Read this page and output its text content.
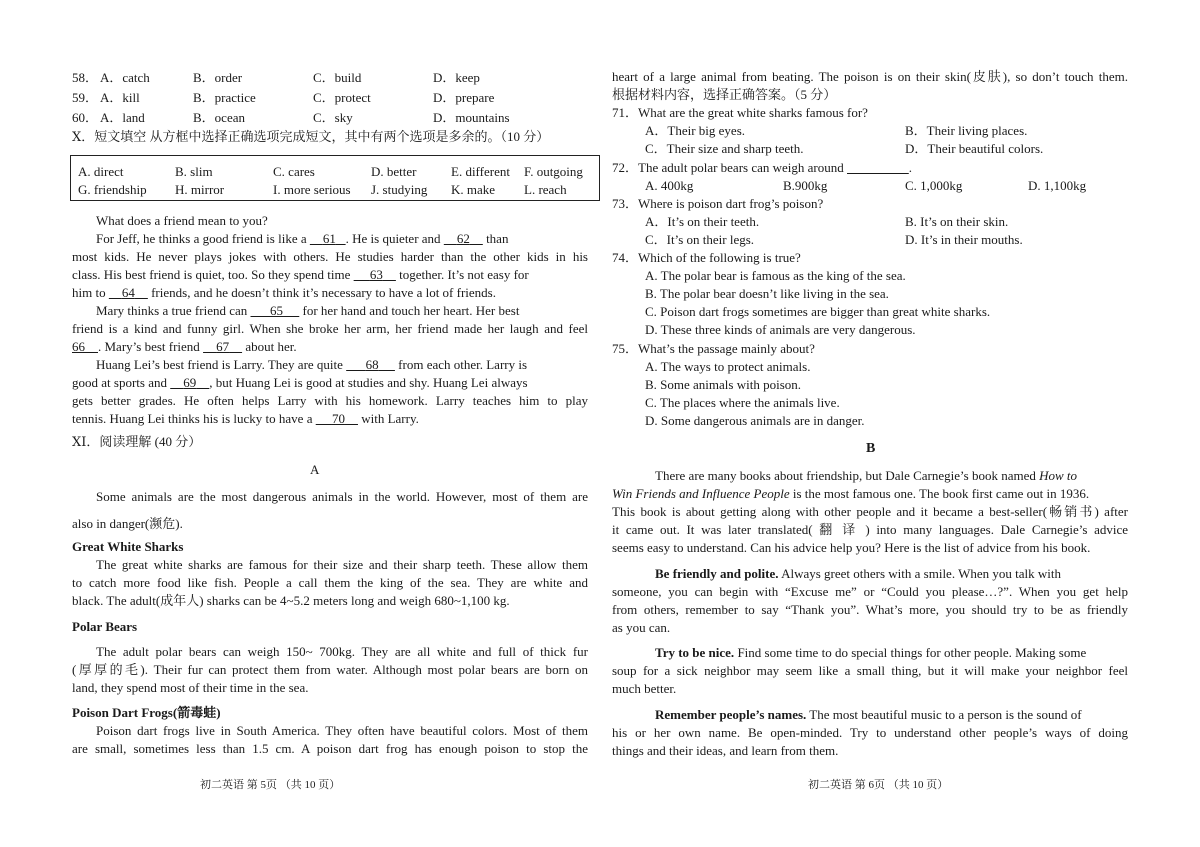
58． A．catch	B．order	C．build	D．keep
59． A．kill	B．practice	C．protect	D．prepare
60． A．land	B．ocean	C．sky	D．mountains
Ⅹ．短文填空 从方框中选择正确选项完成短文，其中有两个选项是多余的。（10 分）
A. direct	B. slim	C. cares	D. better	E. different F. outgoing
G. friendship H. mirror	I. more serious J. studying K. make L. reach
What does a friend mean to you?
For Jeff, he thinks a good friend is like a 61 . He is quieter and 62 than
most kids. He never plays jokes with others. He studies harder than the other kids in his
class. His best friend is quiet, too. So they spend time 63 together. It’s not easy for
him to 64 friends, and he doesn’t think it’s necessary to have a lot of friends.
Mary thinks a true friend can 65 for her hand and touch her heart. Her best
friend is a kind and funny girl. When she broke her arm, her friend made her laugh and feel
66 . Mary’s best friend 67 about her.
Huang Lei’s best friend is Larry. They are quite 68 from each other. Larry is
good at sports and 69 , but Huang Lei is good at studies and shy. Huang Lei always
gets better grades. He often helps Larry with his homework. Larry teaches him to play
tennis. Huang Lei thinks his is lucky to have a 70 with Larry.
ⅩⅠ．阅读理解 (40 分）
A
Some animals are the most dangerous animals in the world. However, most of them are
also in danger(濒危).
Great White Sharks
The great white sharks are famous for their size and their sharp teeth. These allow them
to catch more food like fish. People a call them the king of the sea. They are white and
black. The adult(成年人) sharks can be 4~5.2 meters long and weigh 680~1,100 kg.
Polar Bears
The adult polar bears can weigh 150~ 700kg. They are all white and full of thick fur
(厚厚的毛). Their fur can protect them from water. Although most polar bears are born on
land, they spend most of their time in the sea.
Poison Dart Frogs(箭毒蛙)
Poison dart frogs live in South America. They often have beautiful colors. Most of them
are small, sometimes less than 1.5 cm. A poison dart frog has enough poison to stop the
初二英语 第 5页 （共 10 页）
heart of a large animal from beating. The poison is on their skin(皮肤), so don’t touch them.
根据材料内容，选择正确答案。（5 分）
71．What are the great white sharks famous for?
A．Their big eyes.	B．Their living places.
C．Their size and sharp teeth.	D．Their beautiful colors.
72．The adult polar bears can weigh around	.
A. 400kg	B.900kg	C. 1,000kg	D. 1,100kg
73．Where is poison dart frog’s poison?
A．It’s on their teeth.	B. It’s on their skin.
C．It’s on their legs.	D. It’s in their mouths.
74．Which of the following is true?
A. The polar bear is famous as the king of the sea.
B. The polar bear doesn’t like living in the sea.
C. Poison dart frogs sometimes are bigger than great white sharks.
D. These three kinds of animals are very dangerous.
75．What’s the passage mainly about?
A. The ways to protect animals.
B. Some animals with poison.
C. The places where the animals live.
D. Some dangerous animals are in danger.
B
There are many books about friendship, but Dale Carnegie’s book named How to
Win Friends and Influence People is the most famous one. The book first came out in 1936.
This book is about getting along with other people and it became a best-seller(畅销书) after
it came out. It was later translated( 翻 译 ) into many languages. Dale Carnegie’s advice
seems easy to understand. Can his advice help you? Here is the list of advice from his book.
Be friendly and polite. Always greet others with a smile. When you talk with
someone, you can begin with “Excuse me” or “Could you please…?”. When you get help
from others, remember to say “Thank you”. What’s more, you should try to be as friendly
as you can.
Try to be nice. Find some time to do special things for other people. Making some
soup for a sick neighbor may seem like a small thing, but it will make your neighbor feel
much better.
Remember people’s names. The most beautiful music to a person is the sound of
his or her own name. Be open-minded. Try to understand other people’s ways of doing
things and their ideas, and learn from them.
初二英语 第 6页 （共 10 页）
